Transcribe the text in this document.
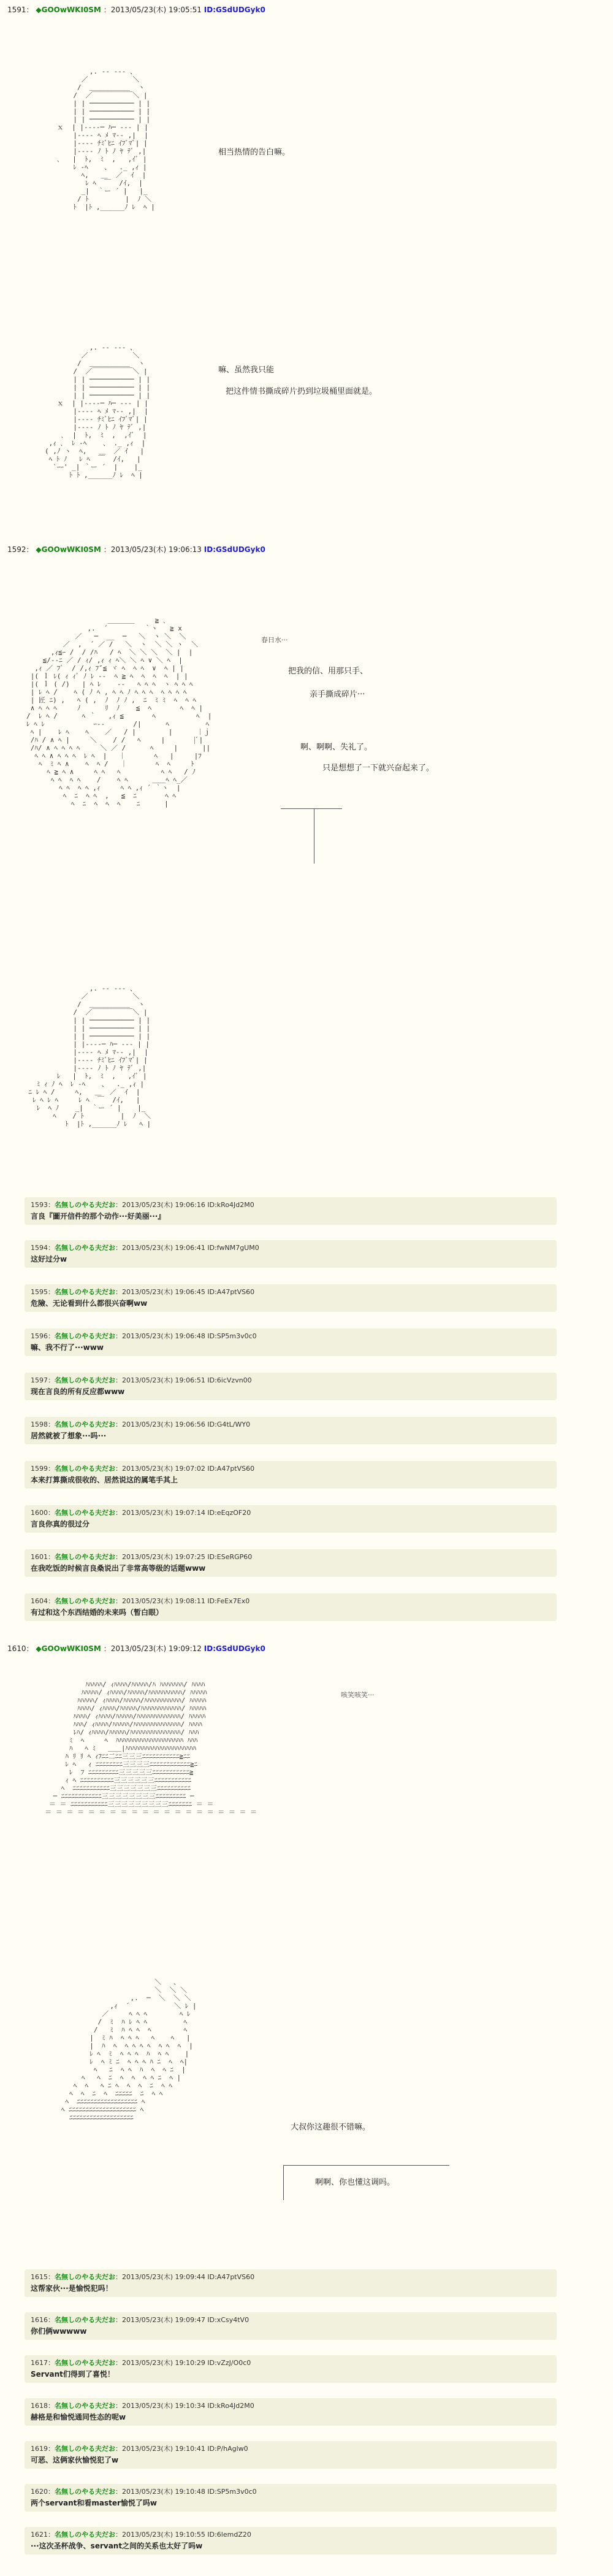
1591： ◆GOOwWKI0SM ：2013/05/23(木) 19:05:51 ID:GSdUDGyk0
,. -‐ ‐‐- 、
／           ＼
/  ＿＿＿＿＿＿  ヽ
/  ／￣￣￣￣￣￣＼ |
| | ─────────── | |
| | ─────────── | |
| | ─────────── | |
ｘ  | |‐‐‐‐─ ﾊ─ ‐‐‐ | |
|---- ﾍ ﾒ ﾏ‐‐ ,|  |
|-‐‐‐ ﾁﾐﾞﾋﾆ ｲﾌﾞﾏﾞ| |
|‐-‐‐ ﾉ ﾄ ﾉ ﾔ ﾃﾞ ,|
､   |  ﾄ,  ﾐ  ,   ,ｲﾞ |
ﾚ ‐ﾍ    、  ._ ,ｨ |
ﾍ,   ＿  ／  ｲ  |
ﾚ ﾍ  ￣  /ｲ,  |
_|  ｀ー ´ |   |_
/ ﾄ         |  ﾉ ＼
ﾄ  |ﾄ ,______ﾉ ﾚ  ﾍ |

相当热情的告白嘛。
,. -‐ ‐‐- 、
／           ＼
/  ＿＿＿＿＿＿  ヽ
/  ／￣￣￣￣￣￣＼ |
| | ─────────── | |
| | ─────────── | |
| | ─────────── | |
ｘ  | |‐‐‐‐─ ﾊ─ ‐‐‐ | |
|---- ﾍ ﾒ ﾏ‐‐ ,|  |
|-‐‐‐ ﾁﾐﾞﾋﾆ ｲﾌﾞﾏﾞ| |
|‐-‐‐ ﾉ ﾄ ﾉ ﾔ ﾃﾞ ,|
､  |  ﾄ,  ﾐ  ,  ,ｲﾞ  |
,ｨ ､  ﾚ ‐ﾍ    、 ._ ,ｨ  |
( ,ﾉ ヽ  ﾍ,   ＿  ／ ｲ   |
ﾍ ﾄ ﾉ   ﾚ ﾍ  ￣  /ｲ,   |
`ｰｰ' _| ｀ー ´  |    |_
ﾄ ﾄ ,______ﾉ ﾚ  ﾍ |

嘛、虽然我只能
把这件情书撕成碎片扔到垃圾桶里面就是。
1592： ◆GOOwWKI0SM ：2013/05/23(木) 19:06:13 ID:GSdUDGyk0
＿＿＿＿     ≧ ､
,.  ´         ｀ヽ   ≧ x
／   ─  __  ─   ＼  ヽ ＼  ＼
／  ,  ´ ／ /   ＼  ヽ  ＼ ＼ ヽ  ＼
,ｨ≦ｰ /  / /ﾊ   / ﾍ  ＼ ＼ ＼  ＼ |  |
≦/‐‐ﾆ ／ / ｨ/ ,ｨ ｨ ﾍ＼ ＼ ﾍ ∨ ＼ ﾍ  |
,ｨ ／ ﾌﾞ  / /,ｨ ﾌ″≦ ヾ ﾍ  ﾍ ﾍ  ∨  ﾍ | |
|( ｌ ﾚ( ｨ ｨﾞ ﾉ ﾚ ‐‐  ﾍ ≧ ﾍ  ﾍ  ﾍ  ﾍ  | |
|( ｌ ( /)   | ﾍ ﾚ    ‐‐   ﾍ ﾍ ﾍ  ヽ ﾍ ﾍ ﾍ
| ﾚ ﾍ /    ﾍ ( ﾉ ﾍ , ﾍ ﾍ ﾉ ﾍ ﾍ ﾍ  ﾍ ﾍ ﾍ ﾍ
| 匠 ﾆ) ,   ﾍ ( ,  ﾉ  ﾉ ﾉ ,  ﾆ  ﾐ ﾐ  ﾍ  ﾍ ﾍ
∧ ﾍ ﾍ ﾍ     ﾉ      ﾘ  ﾉ    ≦  ﾍ       ﾍ  ﾍ |
/  ﾚ ﾍ /      ﾍ ｀   ,ｨ ≦       ﾍ          ﾍ  |
ﾚ ﾍ ﾚ            ｰ‐‐       /|      ﾍ         ﾍ
ﾍ |    ﾚ ﾍ    ﾍ    ／   / |        |      ｜ｊ
/ﾊ / ∧ ﾍ |     ＼    / /   ﾍ     |       |ﾞ|
/ﾊ/ ∧ ﾍ ﾍ ﾍ ﾍ     ＼ ／ /      ﾍ     |      ||
ﾍ ﾍ ∧ ﾍ ﾍ ﾍ  ﾚ ﾍ  |   ｜       ﾍ   |     |ﾌ
ﾍ  ﾐ ﾍ ∧    ﾍ  ﾍ /   ｜       ﾍ  ﾍ     ﾄ
ﾍ ≧ ﾍ ∧     ﾍ ﾍ   ﾍ          ﾍ ﾍ   / ﾉ
ﾍ ﾍ  ﾍ ﾍ    /    ﾍ ﾍ      ＿＿ﾍ ﾍ_／
ﾍ ﾍ  ﾍ ﾍ ,ｨ     ﾍ ﾍ ,ｨ ´ ｀ヽ  |
ﾍ  ﾆ  ﾍ ﾍ  ,   ≦  ﾆ       ﾍ ﾍ
ﾍ  ﾆ  ﾍ  ﾍ  ﾍ    ﾆ      |

春日水···
把我的信、用那只手、
亲手撕成碎片···
啊、啊啊、失礼了。
只是想想了一下就兴奋起来了。
,. -‐ ‐‐- 、
／           ＼
/  ＿＿＿＿＿＿  ヽ
/  ／￣￣￣￣￣￣＼ |
| | ─────────── | |
| | ─────────── | |
| | ─────────── | |
| |‐‐‐‐─ ﾊ─ ‐‐‐ | |
|---- ﾍ ﾒ ﾏ‐‐ ,|  |
|-‐‐‐ ﾁﾐﾞﾋﾆ ｲﾌﾞﾏﾞ| |
|‐-‐‐ ﾉ ﾄ ﾉ ﾔ ﾃﾞ ,|
ﾚ   |  ﾄ,  ﾐ  ,   ,ｲﾞ |
ﾐ ｨ ﾉ ﾍ  ﾚ ‐ﾍ    、  ._ ,ｨ |
ﾆ ﾚ ﾍ /     ﾍ,   ＿  ／  ｲ  |
ﾚ ﾍ ﾚ ﾍ     ﾚ ﾍ  ￣  /ｲ,   |
ﾚ  ﾍ ﾉ    _|  ｀ー ´ |    |_
ﾍ    / ﾄ         |  ﾉ  ＼
ﾄ  |ﾄ ,______ﾉ ﾚ   ﾍ |

1593：名無しのやる夫だお：2013/05/23(木) 19:06:16 ID:kRo4Jd2M0
言良『圖开信件的那个动作···好美丽···』
1594：名無しのやる夫だお：2013/05/23(木) 19:06:41 ID:fwNM7gUM0
这好过分w
1595：名無しのやる夫だお：2013/05/23(木) 19:06:45 ID:A47ptVS60
危險、无论看到什么都很兴奋啊ww
1596：名無しのやる夫だお：2013/05/23(木) 19:06:48 ID:SP5m3v0c0
嘛、我不行了···www
1597：名無しのやる夫だお：2013/05/23(木) 19:06:51 ID:6icVzvn00
现在言良的所有反应都www
1598：名無しのやる夫だお：2013/05/23(木) 19:06:56 ID:G4tL/WY0
居然就被了想象···吗···
1599：名無しのやる夫だお：2013/05/23(木) 19:07:02 ID:A47ptVS60
本来打算撕成很收的、居然说这的属笔手其上
1600：名無しのやる夫だお：2013/05/23(木) 19:07:14 ID:eEqzOF20
言良你真的很过分
1601：名無しのやる夫だお：2013/05/23(木) 19:07:25 ID:ESeRGP60
在我吃饭的时候言良桑说出了非常高等级的话题www
1604：名無しのやる夫だお：2013/05/23(木) 19:08:11 ID:FeEx7Ex0
有过和这个东西结婚的未来吗（暂白眼）
1610： ◆GOOwWKI0SM ：2013/05/23(木) 19:09:12 ID:GSdUDGyk0
ﾊﾊﾊﾊﾊ/ ｨﾊﾊﾊﾊ/ﾊﾊﾊﾊﾊ/ﾊ ﾊﾊﾊﾊﾊﾊﾊ/ ﾊﾊﾊﾊ
ﾊﾊﾊﾊﾊ/ ｨﾊﾊﾊﾊ/ﾊﾊﾊﾊﾊ/ﾊﾊﾊﾊﾊﾊﾊﾊﾊﾊ/ ﾊﾊﾊﾊﾊ
ﾊﾊﾊﾊﾊ/ ｨﾊﾊﾊﾊ/ﾊﾊﾊﾊﾊ/ﾊﾊﾊﾊﾊﾊﾊﾊﾊﾊﾊ/ ﾊﾊﾊﾊﾊ
ﾊﾊﾊﾊ/ ｨﾊﾊﾊﾊ/ﾊﾊﾊﾊﾊ/ﾊﾊﾊﾊﾊﾊﾊﾊﾊﾊﾊﾊ/ ﾊﾊﾊﾊﾊ
ﾊﾊﾊﾊ/ ｨﾊﾊﾊﾊ/ﾊﾊﾊﾊﾊ/ﾊﾊﾊﾊﾊﾊﾊﾊﾊﾊﾊﾊﾊ/ ﾊﾊﾊﾊﾊ
ﾊﾊﾊ/ ｨﾊﾊﾊﾊ/ﾊﾊﾊﾊﾊ/ﾊﾊﾊﾊﾊﾊﾊﾊﾊﾊﾊﾊﾊﾊ/ ﾊﾊﾊﾊ
ﾚﾊ/ ｨﾊﾊﾊﾊ/ﾊﾊﾊﾊﾊ/ﾊﾊﾊﾊﾊﾊﾊﾊﾊﾊﾊﾊﾊﾊﾊ/ ﾊﾊﾊ
ﾐ  ﾍ     ﾍ  ﾊﾊﾊﾊﾊﾊﾊﾊﾊﾊﾊﾊﾊﾊﾊﾊﾊﾊﾊﾊ ﾊﾊﾊ
ﾊ   ﾍ ﾐ   ＿＿|ﾊﾊﾊﾊﾊﾊﾊﾊﾊﾊﾊﾊﾊﾊﾊﾊﾊﾊﾊﾊﾊ
ﾊ ﾘ ﾘ ﾍ ｨﾌﾆﾆ二ﾆﾆ三三三ﾆﾆﾆﾆﾆﾆﾆﾆﾆﾆﾆ≧ﾆﾆ
ﾚ ﾍ   ｨ ﾆﾆﾆﾆﾆﾆﾆﾆ三三三三ﾆﾆﾆﾆﾆﾆﾆﾆﾆﾆﾆﾆ≧ﾆ
ﾚ  ﾌ ﾆﾆﾆﾆﾆﾆﾆﾆﾆ三三三三三ﾆﾆﾆﾆﾆﾆﾆﾆﾆﾆﾆ≧
ｨ ﾍ ﾆﾆﾆﾆﾆﾆﾆﾆﾆﾆ三三三三三三ﾆﾆﾆﾆﾆﾆﾆﾆﾆﾆﾆ
ﾍ  ﾆﾆﾆﾆﾆﾆﾆﾆﾆﾆﾆ三三三三三三三ﾆﾆﾆﾆﾆﾆﾆﾆﾆﾆ
─ ﾆﾆﾆﾆﾆﾆﾆﾆﾆﾆﾆﾆ三三三三三三三三ﾆﾆﾆﾆﾆﾆﾆﾆﾆ ─
＝ ＝ ﾆﾆﾆﾆﾆﾆﾆﾆﾆﾆﾆ三三三三三三三三三ﾆﾆﾆﾆﾆﾆﾆ ＝ ＝
＝ ＝ ＝ ＝ ＝ ＝ ＝ ＝ ＝ ＝ ＝ ＝ ＝ ＝ ＝ ＝ ＝ ＝ ＝ ＝

咳笑咳笑···
＼   、
＼  ＼ ＼
,.  ─  ＼  ＼ ＼
,ｨ  ´           ＼ ﾚ |
／     ﾍ ﾍ ﾍ        ﾍ ﾚ
/  ﾐ  ﾊ ﾚ ﾍ ﾍ         ﾍ
/   ﾐ  ﾊ ﾍ ﾍ  ﾍ        ﾍ
|  ﾐ ﾊ  ﾍ ﾍ ﾍ   ﾍ    ﾍ   |
|  ﾊ  ﾍ  ﾍ ﾍ ﾍ ﾍ  ﾍ ﾍ  ﾍ  |
ﾚ ﾍ  ﾐ  ﾍ ﾍ ﾍ  ﾊ  ﾍ ﾍ    |
ﾚ  ﾍ ﾐ ﾆ  ﾍ ﾍ ﾍ ﾊ ﾆ  ﾍ  ﾍ|
ﾍ   ﾆ  ﾍ ﾍ  ﾊ  ﾍ  ﾍ ﾆ  |
ﾍ   ﾍ  ﾆ  ﾍ  ﾍ  ﾍ ﾍ ﾆ  ﾍ |
ﾍ  ﾍ   ﾍ ﾆ ﾍ  ﾍ  ﾍ  ﾆ  ﾍ ﾍ
ﾍ  ﾍ  ﾆ  ﾍ  ﾆﾆﾆﾆﾆ  ﾆ  ﾍ ﾍ
ﾍ  ﾆﾆﾆﾆﾆﾆﾆﾆﾆﾆﾆﾆﾆﾆﾆﾆﾆﾆ ﾍ
ﾍ ﾆﾆﾆﾆﾆﾆﾆﾆﾆﾆﾆﾆﾆﾆﾆﾆﾆﾆﾆﾆ ﾍ
ﾆﾆﾆﾆﾆﾆﾆﾆﾆﾆﾆﾆﾆﾆﾆﾆﾆﾆﾆ

大叔你这趣很不错嘛。
啊啊、你也懂这调吗。
1615：名無しのやる夫だお：2013/05/23(木) 19:09:44 ID:A47ptVS60
这帮家伙···是愉悦犯吗！
1616：名無しのやる夫だお：2013/05/23(木) 19:09:47 ID:xCsy4tV0
你们俩wwwww
1617：名無しのやる夫だお：2013/05/23(木) 19:10:29 ID:vZzJ/O0c0
Servant们得到了喜悦！
1618：名無しのやる夫だお：2013/05/23(木) 19:10:34 ID:kRo4Jd2M0
赫格是和愉悦通同性态的呢w
1619：名無しのやる夫だお：2013/05/23(木) 19:10:41 ID:P/hAglw0
可恶、这俩家伙愉悦犯了w
1620：名無しのやる夫だお：2013/05/23(木) 19:10:48 ID:SP5m3v0c0
两个servant和看master愉悦了吗w
1621：名無しのやる夫だお：2013/05/23(木) 19:10:55 ID:6lemdZ20
···这次圣杯战争、servant之间的关系也太好了吗w
